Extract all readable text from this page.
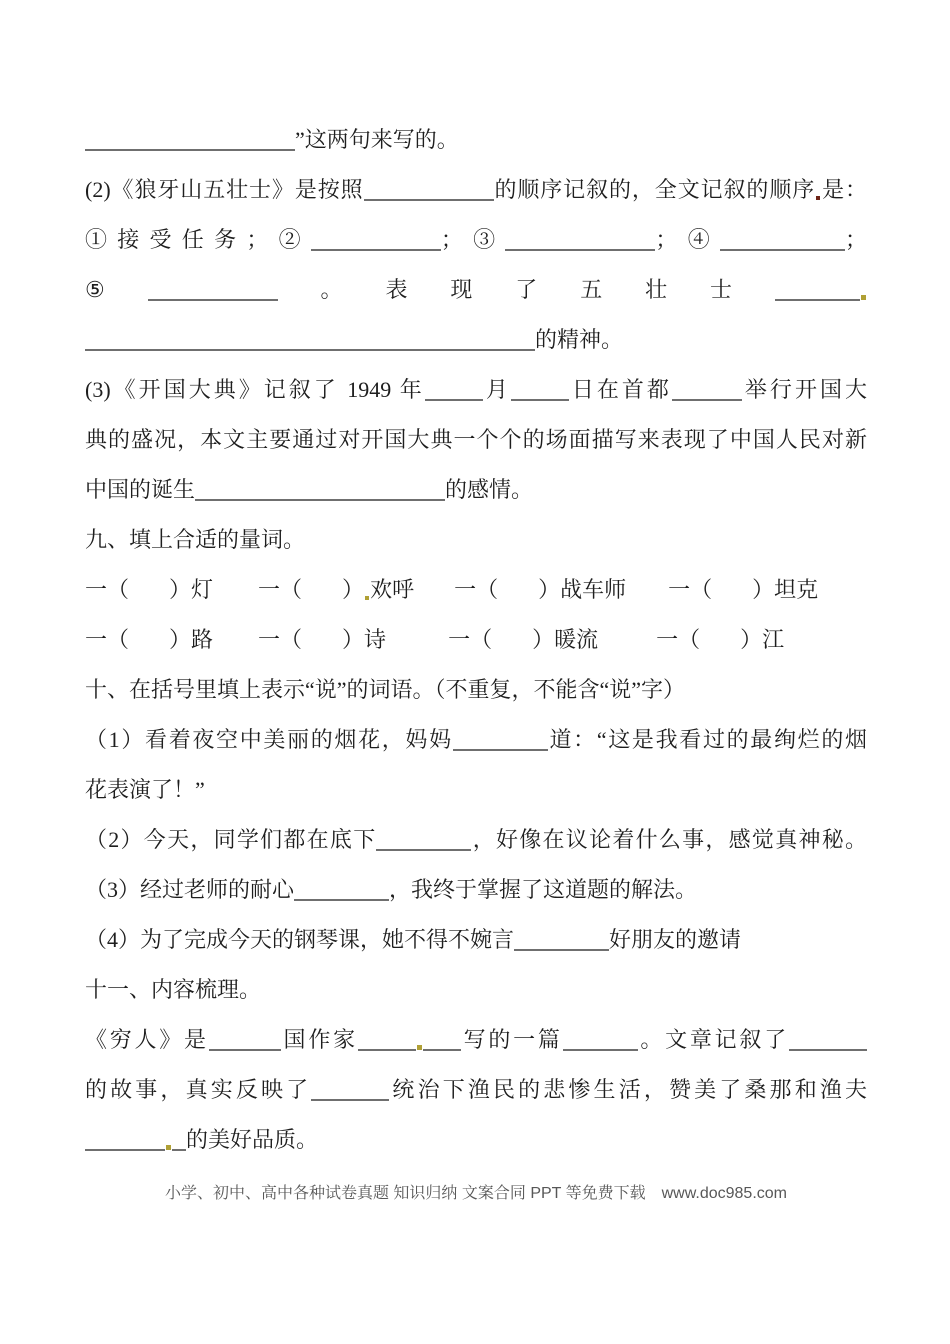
”这两句来写的。
(2)《狼牙山五壮士》是按照	的顺序记叙的，全文记叙的顺序 是：
①接受任务；②	；③	；④	；
⑤	。表现了五壮士
的精神。
(3)《开国大典》记叙了 1949 年	月	日在首都	举行开国大
典的盛况，本文主要通过对开国大典一个个的场面描写来表现了中国人民对新
中国的诞生	的感情。
九、填上合适的量词。
一（ ）灯 一（ ） 欢呼 一（ ）战车师 一（ ）坦克
一（ ）路 一（ ）诗	一（ ）暖流	一（ ）江
十、在括号里填上表示“说”的词语。（不重复，不能含“说”字）
（1）看着夜空中美丽的烟花，妈妈	道：“这是我看过的最绚烂的烟
花表演了！”
（2）今天，同学们都在底下	，好像在议论着什么事，感觉真神秘。
（3）经过老师的耐心	，我终于掌握了这道题的解法。
（4）为了完成今天的钢琴课，她不得不婉言	好朋友的邀请
十一、内容梳理。
《穷人》是	国作家	写的一篇	。文章记叙了
的故事，真实反映了	统治下渔民的悲惨生活，赞美了桑那和渔夫
的美好品质。
小学、初中、高中各种试卷真题 知识归纳 文案合同 PPT 等免费下载　www.doc985.com
